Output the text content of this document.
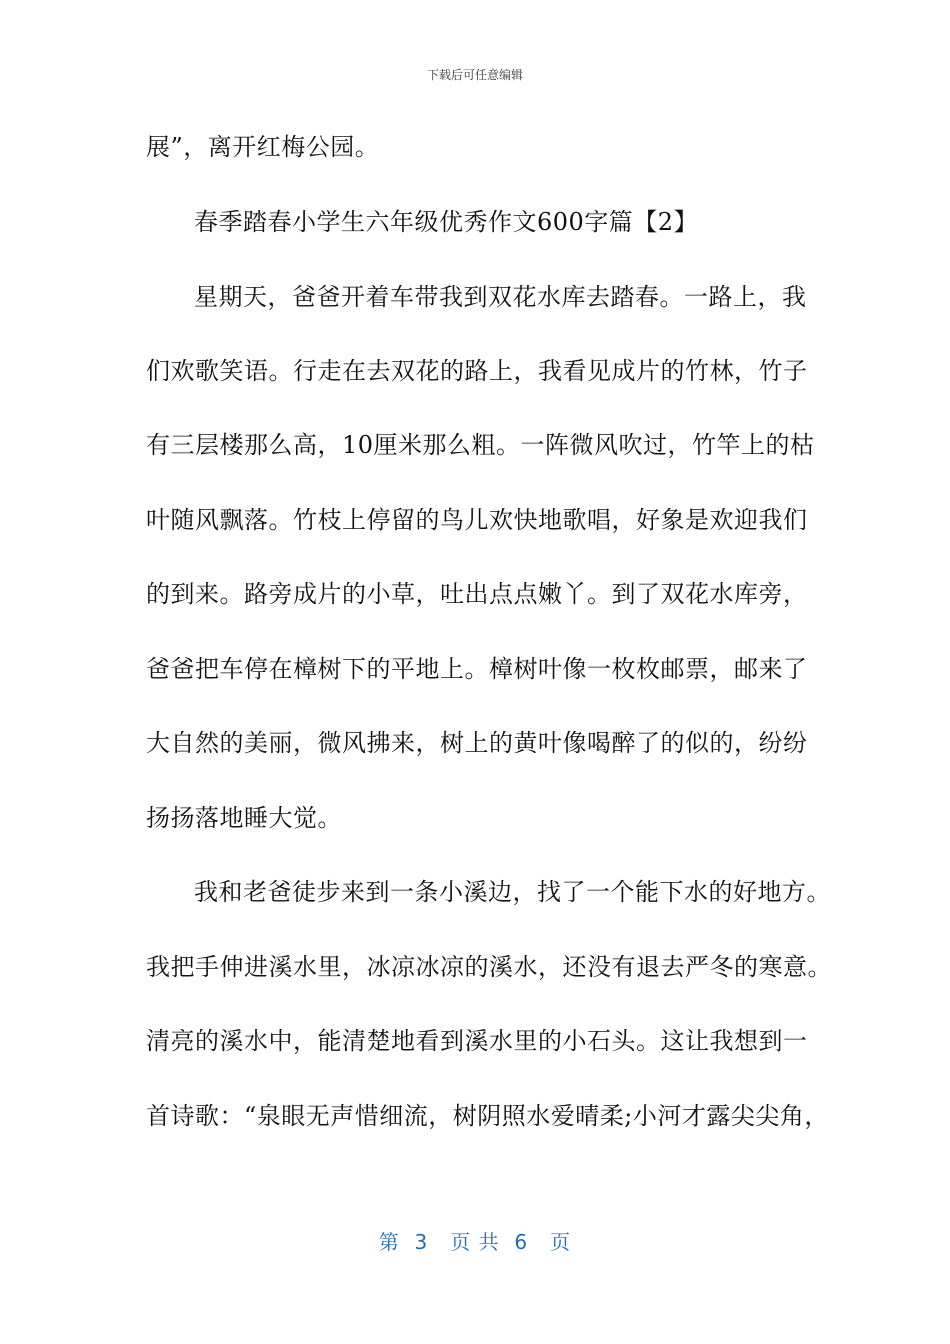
下载后可任意编辑
展”，离开红梅公园。
春季踏春小学生六年级优秀作文600字篇【2】
星期天，爸爸开着车带我到双花水库去踏春。一路上，我
们欢歌笑语。行走在去双花的路上，我看见成片的竹林，竹子
有三层楼那么高，10厘米那么粗。一阵微风吹过，竹竿上的枯
叶随风飘落。竹枝上停留的鸟儿欢快地歌唱，好象是欢迎我们
的到来。路旁成片的小草，吐出点点嫩丫。到了双花水库旁，
爸爸把车停在樟树下的平地上。樟树叶像一枚枚邮票，邮来了
大自然的美丽，微风拂来，树上的黄叶像喝醉了的似的，纷纷
扬扬落地睡大觉。
我和老爸徒步来到一条小溪边，找了一个能下水的好地方。
我把手伸进溪水里，冰凉冰凉的溪水，还没有退去严冬的寒意。
清亮的溪水中，能清楚地看到溪水里的小石头。这让我想到一
首诗歌：“泉眼无声惜细流，树阴照水爱晴柔;小河才露尖尖角，
第  3   页 共  6   页
